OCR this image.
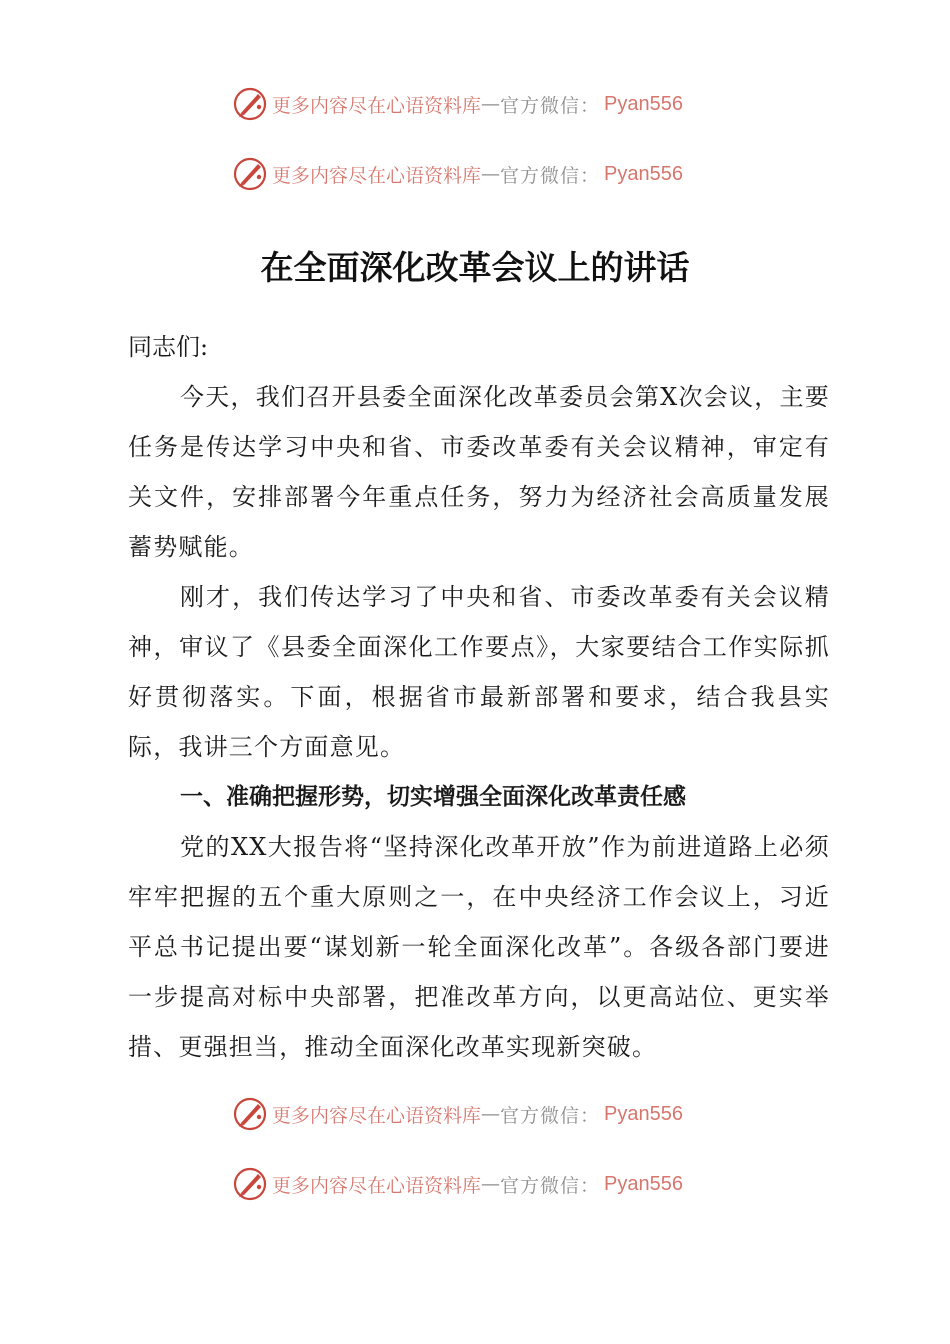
更多内容尽在心语资料库 — 官方微信： Pyan556
更多内容尽在心语资料库 — 官方微信： Pyan556
在全面深化改革会议上的讲话

同志们:

今天，我们召开县委全面深化改革委员会第X次会议，主要任务是传达学习中央和省、市委改革委有关会议精神，审定有关文件，安排部署今年重点任务，努力为经济社会高质量发展蓄势赋能。

刚才，我们传达学习了中央和省、市委改革委有关会议精神，审议了《县委全面深化工作要点》，大家要结合工作实际抓好贯彻落实。下面，根据省市最新部署和要求，结合我县实际，我讲三个方面意见。

一、准确把握形势，切实增强全面深化改革责任感

党的XX大报告将“坚持深化改革开放”作为前进道路上必须牢牢把握的五个重大原则之一，在中央经济工作会议上，习近平总书记提出要“谋划新一轮全面深化改革”。各级各部门要进一步提高对标中央部署，把准改革方向，以更高站位、更实举措、更强担当，推动全面深化改革实现新突破。

更多内容尽在心语资料库 — 官方微信： Pyan556
更多内容尽在心语资料库 — 官方微信： Pyan556
